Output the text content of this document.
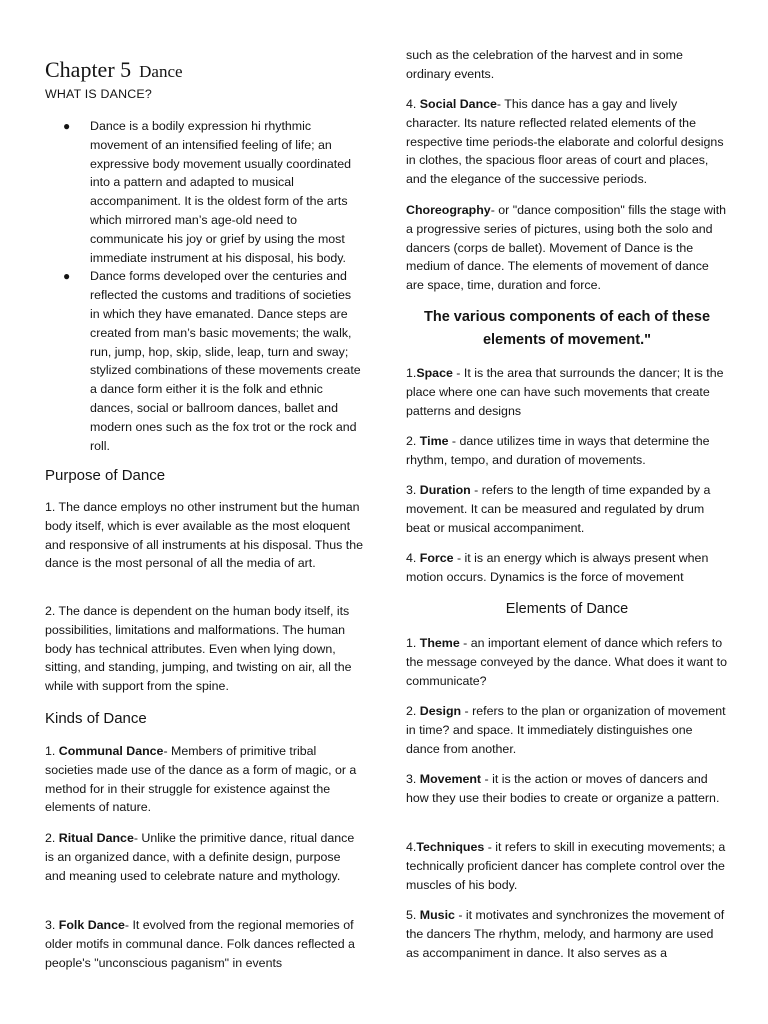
Chapter 5 Dance
WHAT IS DANCE?
● Dance is a bodily expression hi rhythmic movement of an intensified feeling of life; an expressive body movement usually coordinated into a pattern and adapted to musical accompaniment. It is the oldest form of the arts which mirrored man’s age-old need to communicate his joy or grief by using the most immediate instrument at his disposal, his body.
● Dance forms developed over the centuries and reflected the customs and traditions of societies in which they have emanated. Dance steps are created from man’s basic movements; the walk, run, jump, hop, skip, slide, leap, turn and sway; stylized combinations of these movements create a dance form either it is the folk and ethnic dances, social or ballroom dances, ballet and modern ones such as the fox trot or the rock and roll.
Purpose of Dance

1. The dance employs no other instrument but the human body itself, which is ever available as the most eloquent and responsive of all instruments at his disposal. Thus the dance is the most personal of all the media of art.

2. The dance is dependent on the human body itself, its possibilities, limitations and malformations. The human body has technical attributes. Even when lying down, sitting, and standing, jumping, and twisting on air, all the while with support from the spine.

Kinds of Dance

1. Communal Dance- Members of primitive tribal societies made use of the dance as a form of magic, or a method for in their struggle for existence against the elements of nature.

2. Ritual Dance- Unlike the primitive dance, ritual dance is an organized dance, with a definite design, purpose and meaning used to celebrate nature and mythology.

3. Folk Dance- It evolved from the regional memories of older motifs in communal dance. Folk dances reflected a people's "unconscious paganism" in events

such as the celebration of the harvest and in some ordinary events.

4. Social Dance- This dance has a gay and lively character. Its nature reflected related elements of the respective time periods-the elaborate and colorful designs in clothes, the spacious floor areas of court and places, and the elegance of the successive periods.

Choreography- or "dance composition" fills the stage with a progressive series of pictures, using both the solo and dancers (corps de ballet). Movement of Dance is the medium of dance. The elements of movement of dance are space, time, duration and force.

The various components of each of these elements of movement."

1.Space - It is the area that surrounds the dancer; It is the place where one can have such movements that create patterns and designs

2. Time - dance utilizes time in ways that determine the rhythm, tempo, and duration of movements.

3. Duration - refers to the length of time expanded by a movement. It can be measured and regulated by drum beat or musical accompaniment.

4. Force - it is an energy which is always present when motion occurs. Dynamics is the force of movement

Elements of Dance

1. Theme - an important element of dance which refers to the message conveyed by the dance. What does it want to communicate?

2. Design - refers to the plan or organization of movement in time? and space. It immediately distinguishes one dance from another.

3. Movement - it is the action or moves of dancers and how they use their bodies to create or organize a pattern.

4.Techniques - it refers to skill in executing movements; a technically proficient dancer has complete control over the muscles of his body.

5. Music - it motivates and synchronizes the movement of the dancers The rhythm, melody, and harmony are used as accompaniment in dance. It also serves as a
